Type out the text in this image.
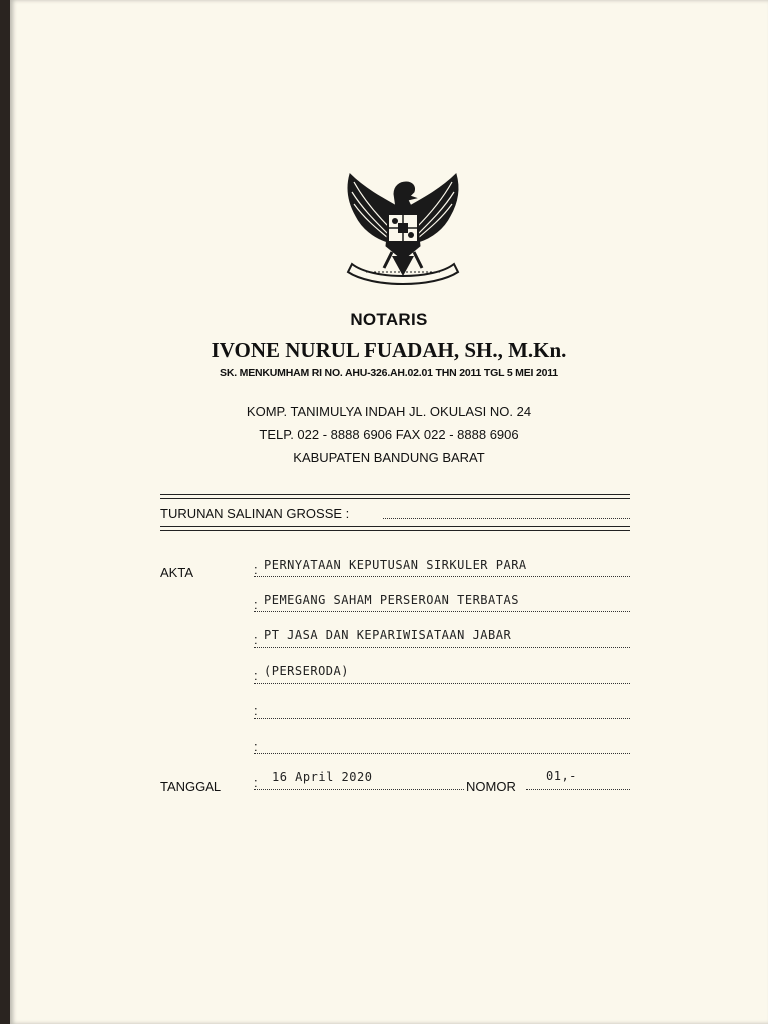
NOTARIS
IVONE NURUL FUADAH, SH., M.Kn.
SK. MENKUMHAM RI NO. AHU-326.AH.02.01 THN 2011 TGL 5 MEI 2011
KOMP. TANIMULYA INDAH JL. OKULASI NO. 24
TELP. 022 - 8888 6906 FAX 022 - 8888 6906
KABUPATEN BANDUNG BARAT
TURUNAN SALINAN GROSSE :
AKTA	: PERNYATAAN KEPUTUSAN SIRKULER PARA
: PEMEGANG SAHAM PERSEROAN TERBATAS
: PT JASA DAN KEPARIWISATAAN JABAR
: (PERSERODA)
:
:
TANGGAL	: 16 April 2020
NOMOR
01,-
